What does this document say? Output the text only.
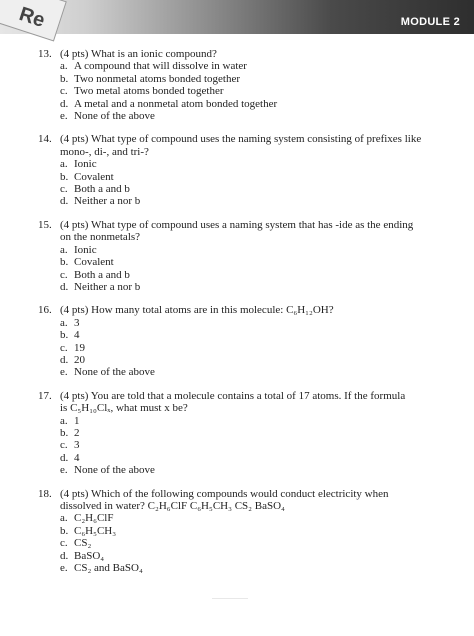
Re	MODULE 2
13. (4 pts) What is an ionic compound?
a. A compound that will dissolve in water
b. Two nonmetal atoms bonded together
c. Two metal atoms bonded together
d. A metal and a nonmetal atom bonded together
e. None of the above
14. (4 pts) What type of compound uses the naming system consisting of prefixes like
mono-, di-, and tri-?
a. Ionic
b. Covalent
c. Both a and b
d. Neither a nor b
15. (4 pts) What type of compound uses a naming system that has -ide as the ending
on the nonmetals?
a. Ionic
b. Covalent
c. Both a and b
d. Neither a nor b
16. (4 pts) How many total atoms are in this molecule: C₆H₁₂OH?
a. 3
b. 4
c. 19
d. 20
e. None of the above
17. (4 pts) You are told that a molecule contains a total of 17 atoms. If the formula
is C₅H₁₀Clₓ, what must x be?
a. 1
b. 2
c. 3
d. 4
e. None of the above
18. (4 pts) Which of the following compounds would conduct electricity when
dissolved in water? C₂H₆ClF C₆H₅CH₃ CS₂ BaSO₄
a. C₂H₆ClF
b. C₆H₅CH₃
c. CS₂
d. BaSO₄
e. CS₂ and BaSO₄
